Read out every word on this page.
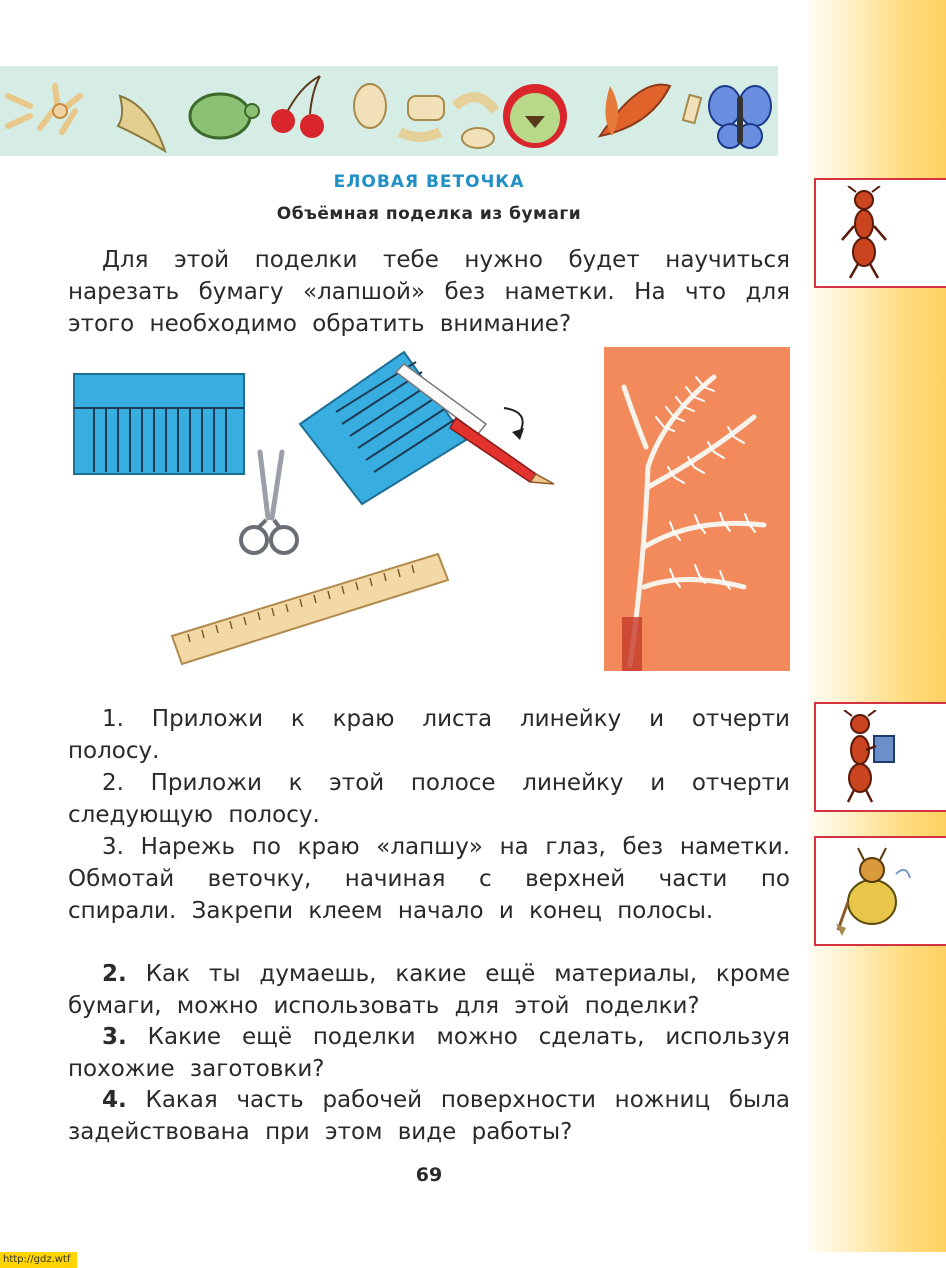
ЕЛОВАЯ ВЕТОЧКА
Объёмная поделка из бумаги
Для этой поделки тебе нужно будет научиться нарезать бумагу «лапшой» без наметки. На что для этого необходимо обратить внимание?
1. Приложи к краю листа линейку и отчерти полосу.
2. Приложи к этой полосе линейку и отчерти следующую полосу.
3. Нарежь по краю «лапшу» на глаз, без наметки. Обмотай веточку, начиная с верхней части по спирали. Закрепи клеем начало и конец полосы.
2. Как ты думаешь, какие ещё материалы, кроме бумаги, можно использовать для этой поделки?
3. Какие ещё поделки можно сделать, используя похожие заготовки?
4. Какая часть рабочей поверхности ножниц была задействована при этом виде работы?
69
http://gdz.wtf
